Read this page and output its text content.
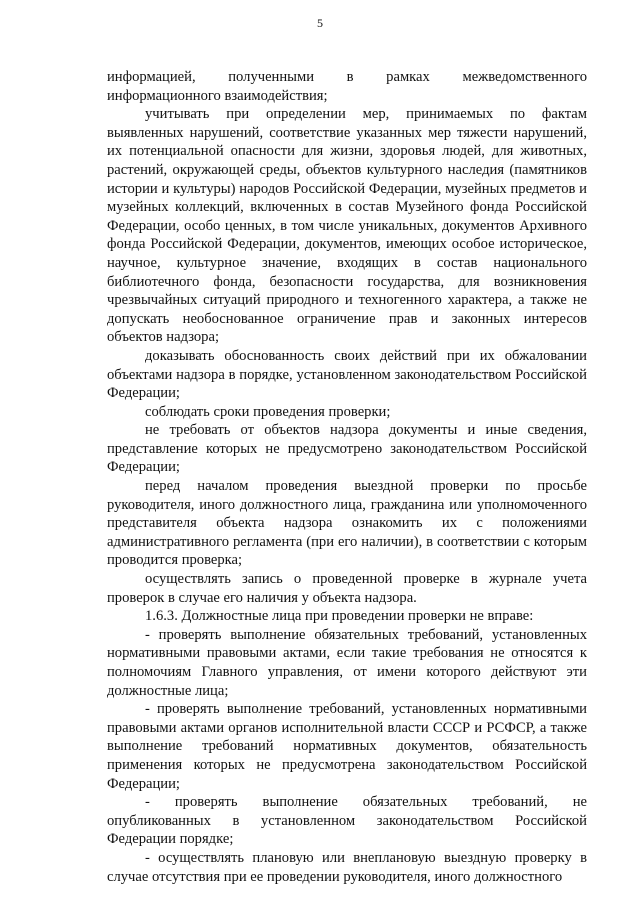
5

информацией, полученными в рамках межведомственного информационного взаимодействия;

учитывать при определении мер, принимаемых по фактам выявленных нарушений, соответствие указанных мер тяжести нарушений, их потенциальной опасности для жизни, здоровья людей, для животных, растений, окружающей среды, объектов культурного наследия (памятников истории и культуры) народов Российской Федерации, музейных предметов и музейных коллекций, включенных в состав Музейного фонда Российской Федерации, особо ценных, в том числе уникальных, документов Архивного фонда Российской Федерации, документов, имеющих особое историческое, научное, культурное значение, входящих в состав национального библиотечного фонда, безопасности государства, для возникновения чрезвычайных ситуаций природного и техногенного характера, а также не допускать необоснованное ограничение прав и законных интересов объектов надзора;

доказывать обоснованность своих действий при их обжаловании объектами надзора в порядке, установленном законодательством Российской Федерации;

соблюдать сроки проведения проверки;

не требовать от объектов надзора документы и иные сведения, представление которых не предусмотрено законодательством Российской Федерации;

перед началом проведения выездной проверки по просьбе руководителя, иного должностного лица, гражданина или уполномоченного представителя объекта надзора ознакомить их с положениями административного регламента (при его наличии), в соответствии с которым проводится проверка;

осуществлять запись о проведенной проверке в журнале учета проверок в случае его наличия у объекта надзора.

1.6.3. Должностные лица при проведении проверки не вправе:

- проверять выполнение обязательных требований, установленных нормативными правовыми актами, если такие требования не относятся к полномочиям Главного управления, от имени которого действуют эти должностные лица;

- проверять выполнение требований, установленных нормативными правовыми актами органов исполнительной власти СССР и РСФСР, а также выполнение требований нормативных документов, обязательность применения которых не предусмотрена законодательством Российской Федерации;

- проверять выполнение обязательных требований, не опубликованных в установленном законодательством Российской Федерации порядке;

- осуществлять плановую или внеплановую выездную проверку в случае отсутствия при ее проведении руководителя, иного должностного
